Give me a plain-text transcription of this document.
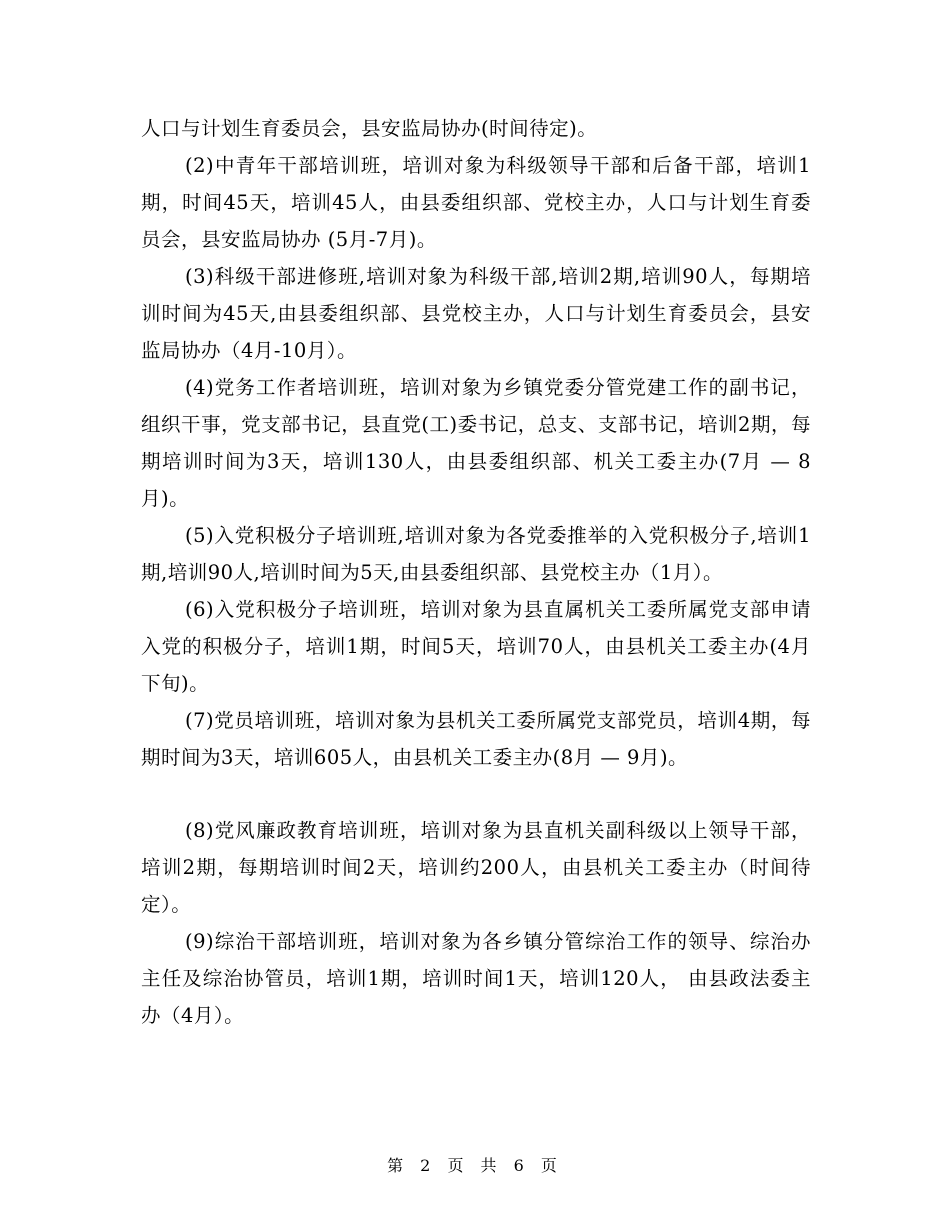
人口与计划生育委员会，县安监局协办(时间待定)。

(2)中青年干部培训班，培训对象为科级领导干部和后备干部，培训1期，时间45天，培训45人，由县委组织部、党校主办，人口与计划生育委员会，县安监局协办 (5月-7月)。

(3)科级干部进修班,培训对象为科级干部,培训2期,培训90人，每期培训时间为45天,由县委组织部、县党校主办，人口与计划生育委员会，县安监局协办（4月-10月）。

(4)党务工作者培训班，培训对象为乡镇党委分管党建工作的副书记，组织干事，党支部书记，县直党(工)委书记，总支、支部书记，培训2期，每期培训时间为3天，培训130人，由县委组织部、机关工委主办(7月 — 8月)。

(5)入党积极分子培训班,培训对象为各党委推举的入党积极分子,培训1期,培训90人,培训时间为5天,由县委组织部、县党校主办（1月）。

(6)入党积极分子培训班，培训对象为县直属机关工委所属党支部申请入党的积极分子，培训1期，时间5天，培训70人，由县机关工委主办(4月下旬)。

(7)党员培训班，培训对象为县机关工委所属党支部党员，培训4期，每期时间为3天，培训605人，由县机关工委主办(8月 — 9月)。

(8)党风廉政教育培训班，培训对象为县直机关副科级以上领导干部，培训2期，每期培训时间2天，培训约200人，由县机关工委主办（时间待定）。

(9)综治干部培训班，培训对象为各乡镇分管综治工作的领导、综治办主任及综治协管员，培训1期，培训时间1天，培训120人， 由县政法委主办（4月）。

第 2 页 共 6 页
